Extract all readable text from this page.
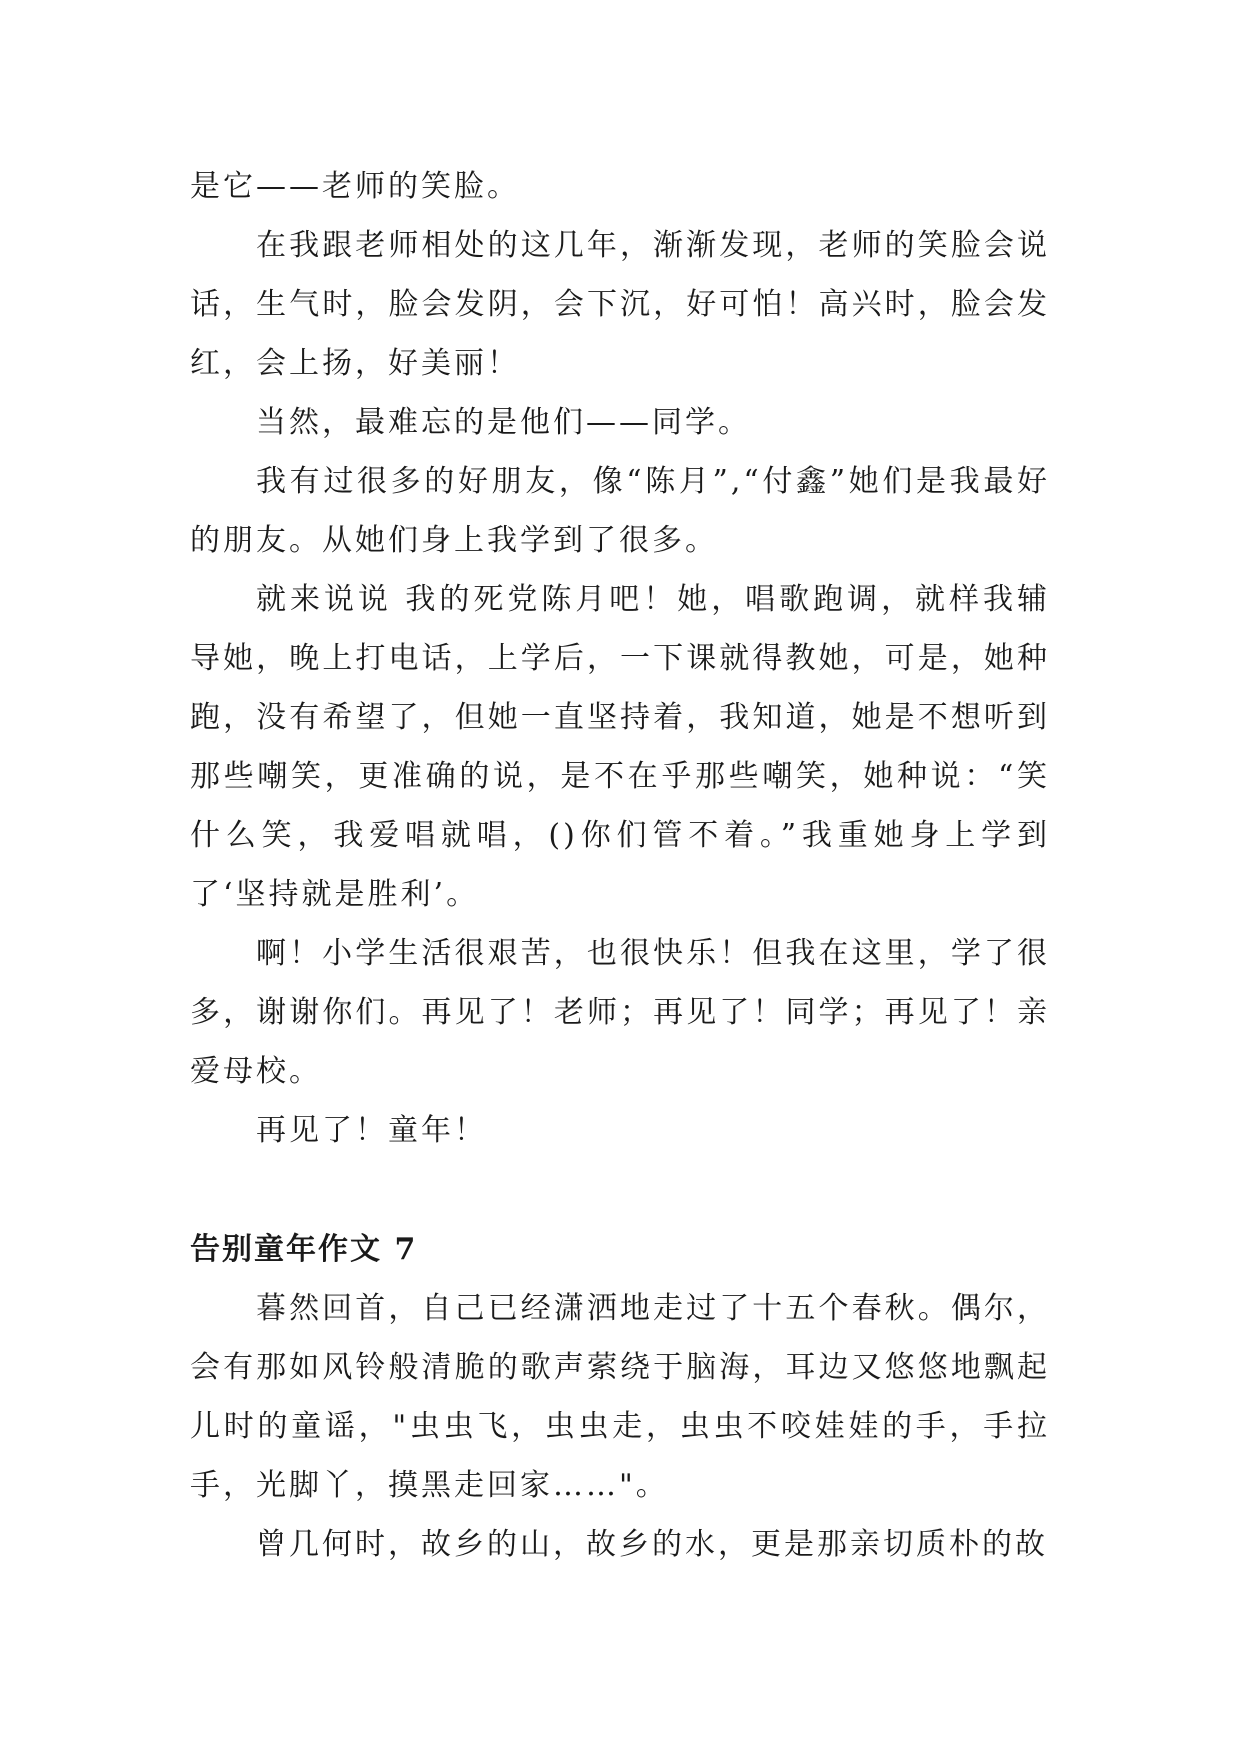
是它——老师的笑脸。

在我跟老师相处的这几年，渐渐发现，老师的笑脸会说话，生气时，脸会发阴，会下沉，好可怕！高兴时，脸会发红，会上扬，好美丽！

当然，最难忘的是他们——同学。

我有过很多的好朋友，像“陈月”,“付鑫”她们是我最好的朋友。从她们身上我学到了很多。

就来说说 我的死党陈月吧！她，唱歌跑调，就样我辅导她，晚上打电话，上学后，一下课就得教她，可是，她种跑，没有希望了，但她一直坚持着，我知道，她是不想听到那些嘲笑，更准确的说，是不在乎那些嘲笑，她种说：“笑什么笑，我爱唱就唱，()你们管不着。”我重她身上学到了‘坚持就是胜利’。

啊！小学生活很艰苦，也很快乐！但我在这里，学了很多，谢谢你们。再见了！老师；再见了！同学；再见了！亲爱母校。

再见了！童年！

告别童年作文 7

暮然回首，自己已经潇洒地走过了十五个春秋。偶尔，会有那如风铃般清脆的歌声萦绕于脑海，耳边又悠悠地飘起儿时的童谣，"虫虫飞，虫虫走，虫虫不咬娃娃的手，手拉手，光脚丫，摸黑走回家……"。

曾几何时，故乡的山，故乡的水，更是那亲切质朴的故
